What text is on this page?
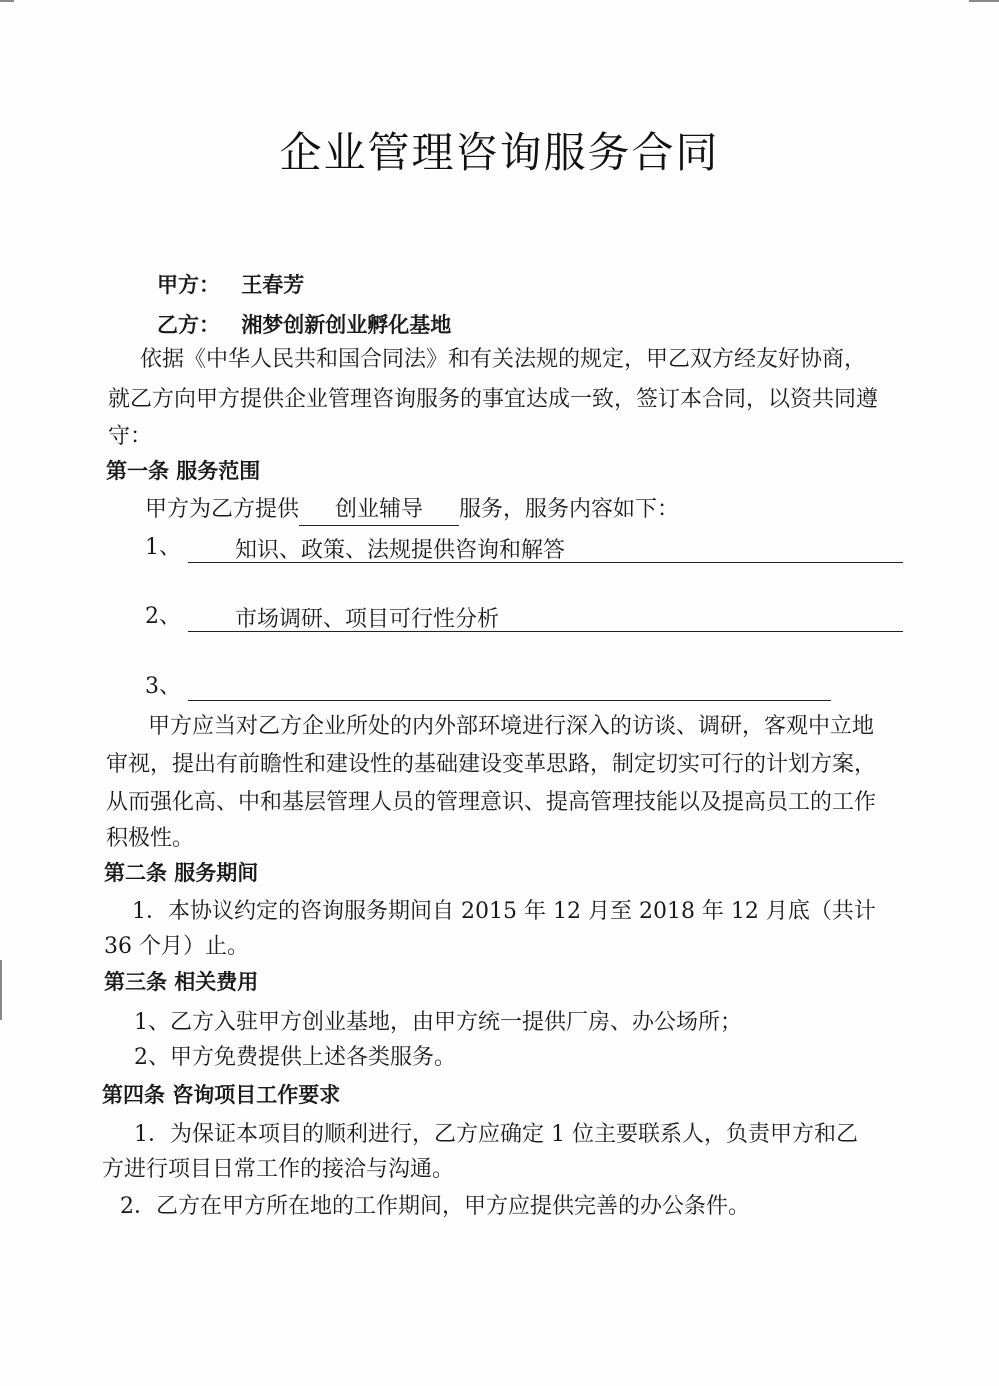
企业管理咨询服务合同
甲方： 王春芳
乙方： 湘梦创新创业孵化基地
依据《中华人民共和国合同法》和有关法规的规定，甲乙双方经友好协商，
就乙方向甲方提供企业管理咨询服务的事宜达成一致，签订本合同，以资共同遵
守：
第一条 服务范围
甲方为乙方提供 创业辅导 服务，服务内容如下：
1、 知识、政策、法规提供咨询和解答
2、 市场调研、项目可行性分析
3、
甲方应当对乙方企业所处的内外部环境进行深入的访谈、调研，客观中立地
审视，提出有前瞻性和建设性的基础建设变革思路，制定切实可行的计划方案，
从而强化高、中和基层管理人员的管理意识、提高管理技能以及提高员工的工作
积极性。
第二条 服务期间
1．本协议约定的咨询服务期间自 2015 年 12 月至 2018 年 12 月底（共计
36 个月）止。
第三条 相关费用
1、乙方入驻甲方创业基地，由甲方统一提供厂房、办公场所；
2、甲方免费提供上述各类服务。
第四条 咨询项目工作要求
1．为保证本项目的顺利进行，乙方应确定 1 位主要联系人，负责甲方和乙
方进行项目日常工作的接洽与沟通。
2．乙方在甲方所在地的工作期间，甲方应提供完善的办公条件。
